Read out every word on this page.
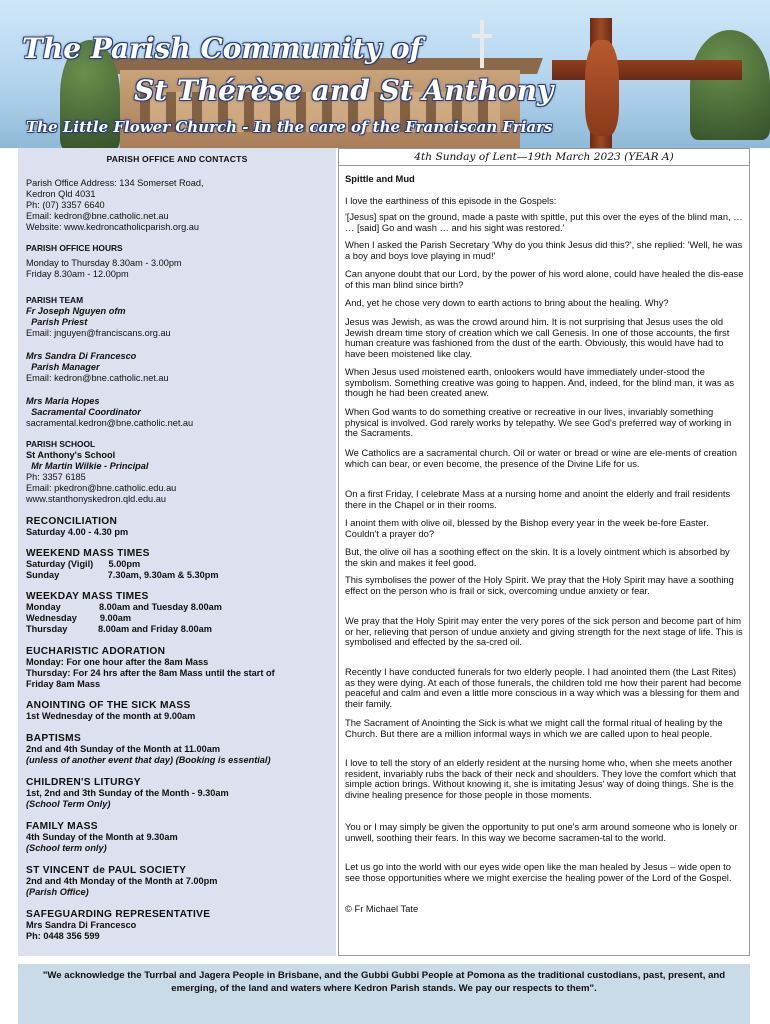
The Parish Community of
St Thérèse and St Anthony
The Little Flower Church - In the care of the Franciscan Friars
PARISH OFFICE AND CONTACTS
Parish Office Address: 134 Somerset Road,
Kedron Qld 4031
Ph: (07) 3357 6640
Email: kedron@bne.catholic.net.au
Website: www.kedroncatholicparish.org.au
PARISH OFFICE HOURS
Monday to Thursday 8.30am - 3.00pm
Friday 8.30am - 12.00pm
PARISH TEAM
Fr Joseph Nguyen ofm
Parish Priest
Email: jnguyen@franciscans.org.au
Mrs Sandra Di Francesco
Parish Manager
Email: kedron@bne.catholic.net.au
Mrs Maria Hopes
Sacramental Coordinator
sacramental.kedron@bne.catholic.net.au
PARISH SCHOOL
St Anthony's School
Mr Martin Wilkie - Principal
Ph: 3357 6185
Email: pkedron@bne.catholic.edu.au
www.stanthonyskedron.qld.edu.au
RECONCILIATION
Saturday 4.00 - 4.30 pm
WEEKEND MASS TIMES
Saturday (Vigil)      5.00pm
Sunday                   7.30am, 9.30am & 5.30pm
WEEKDAY MASS TIMES
Monday               8.00am and Tuesday 8.00am
Wednesday         9.00am
Thursday            8.00am and Friday 8.00am
EUCHARISTIC ADORATION
Monday: For one hour after the 8am Mass
Thursday: For 24 hrs after the 8am Mass until the start of
Friday 8am Mass
ANOINTING OF THE SICK MASS
1st Wednesday of the month at 9.00am
BAPTISMS
2nd and 4th Sunday of the Month at 11.00am
(unless of another event that day) (Booking is essential)
CHILDREN'S LITURGY
1st, 2nd and 3th Sunday of the Month - 9.30am
(School Term Only)
FAMILY MASS
4th Sunday of the Month at 9.30am
(School term only)
ST VINCENT de PAUL SOCIETY
2nd and 4th Monday of the Month at 7.00pm
(Parish Office)
SAFEGUARDING REPRESENTATIVE
Mrs Sandra Di Francesco
Ph: 0448 356 599
4th Sunday of Lent—19th March 2023 (YEAR A)
Spittle and Mud
I love the earthiness of this episode in the Gospels:
'[Jesus] spat on the ground, made a paste with spittle, put this over the eyes of the blind man, … … [said] Go and wash … and his sight was restored.'
When I asked the Parish Secretary 'Why do you think Jesus did this?', she replied: 'Well, he was a boy and boys love playing in mud!'
Can anyone doubt that our Lord, by the power of his word alone, could have healed the dis-ease of this man blind since birth?
And, yet he chose very down to earth actions to bring about the healing. Why?
Jesus was Jewish, as was the crowd around him. It is not surprising that Jesus uses the old Jewish dream time story of creation which we call Genesis. In one of those accounts, the first human creature was fashioned from the dust of the earth. Obviously, this would have had to have been moistened like clay.
When Jesus used moistened earth, onlookers would have immediately under-stood the symbolism. Something creative was going to happen. And, indeed, for the blind man, it was as though he had been created anew.
When God wants to do something creative or recreative in our lives, invariably something physical is involved. God rarely works by telepathy. We see God's preferred way of working in the Sacraments.
We Catholics are a sacramental church. Oil or water or bread or wine are ele-ments of creation which can bear, or even become, the presence of the Divine Life for us.
On a first Friday, I celebrate Mass at a nursing home and anoint the elderly and frail residents there in the Chapel or in their rooms.
I anoint them with olive oil, blessed by the Bishop every year in the week be-fore Easter. Couldn't a prayer do?
But, the olive oil has a soothing effect on the skin. It is a lovely ointment which is absorbed by the skin and makes it feel good.
This symbolises the power of the Holy Spirit. We pray that the Holy Spirit may have a soothing effect on the person who is frail or sick, overcoming undue anxiety or fear.
We pray that the Holy Spirit may enter the very pores of the sick person and become part of him or her, relieving that person of undue anxiety and giving strength for the next stage of life. This is symbolised and effected by the sa-cred oil.
Recently I have conducted funerals for two elderly people. I had anointed them (the Last Rites) as they were dying. At each of those funerals, the children told me how their parent had become peaceful and calm and even a little more conscious in a way which was a blessing for them and their family.
The Sacrament of Anointing the Sick is what we might call the formal ritual of healing by the Church. But there are a million informal ways in which we are called upon to heal people.
I love to tell the story of an elderly resident at the nursing home who, when she meets another resident, invariably rubs the back of their neck and shoulders. They love the comfort which that simple action brings. Without knowing it, she is imitating Jesus' way of doing things. She is the divine healing presence for those people in those moments.
You or I may simply be given the opportunity to put one's arm around someone who is lonely or unwell, soothing their fears. In this way we become sacramen-tal to the world.
Let us go into the world with our eyes wide open like the man healed by Jesus – wide open to see those opportunities where we might exercise the healing power of the Lord of the Gospel.
© Fr Michael Tate
"We acknowledge the Turrbal and Jagera People in Brisbane, and the Gubbi Gubbi People at Pomona as the traditional custodians, past, present, and emerging, of the land and waters where Kedron Parish stands. We pay our respects to them".
